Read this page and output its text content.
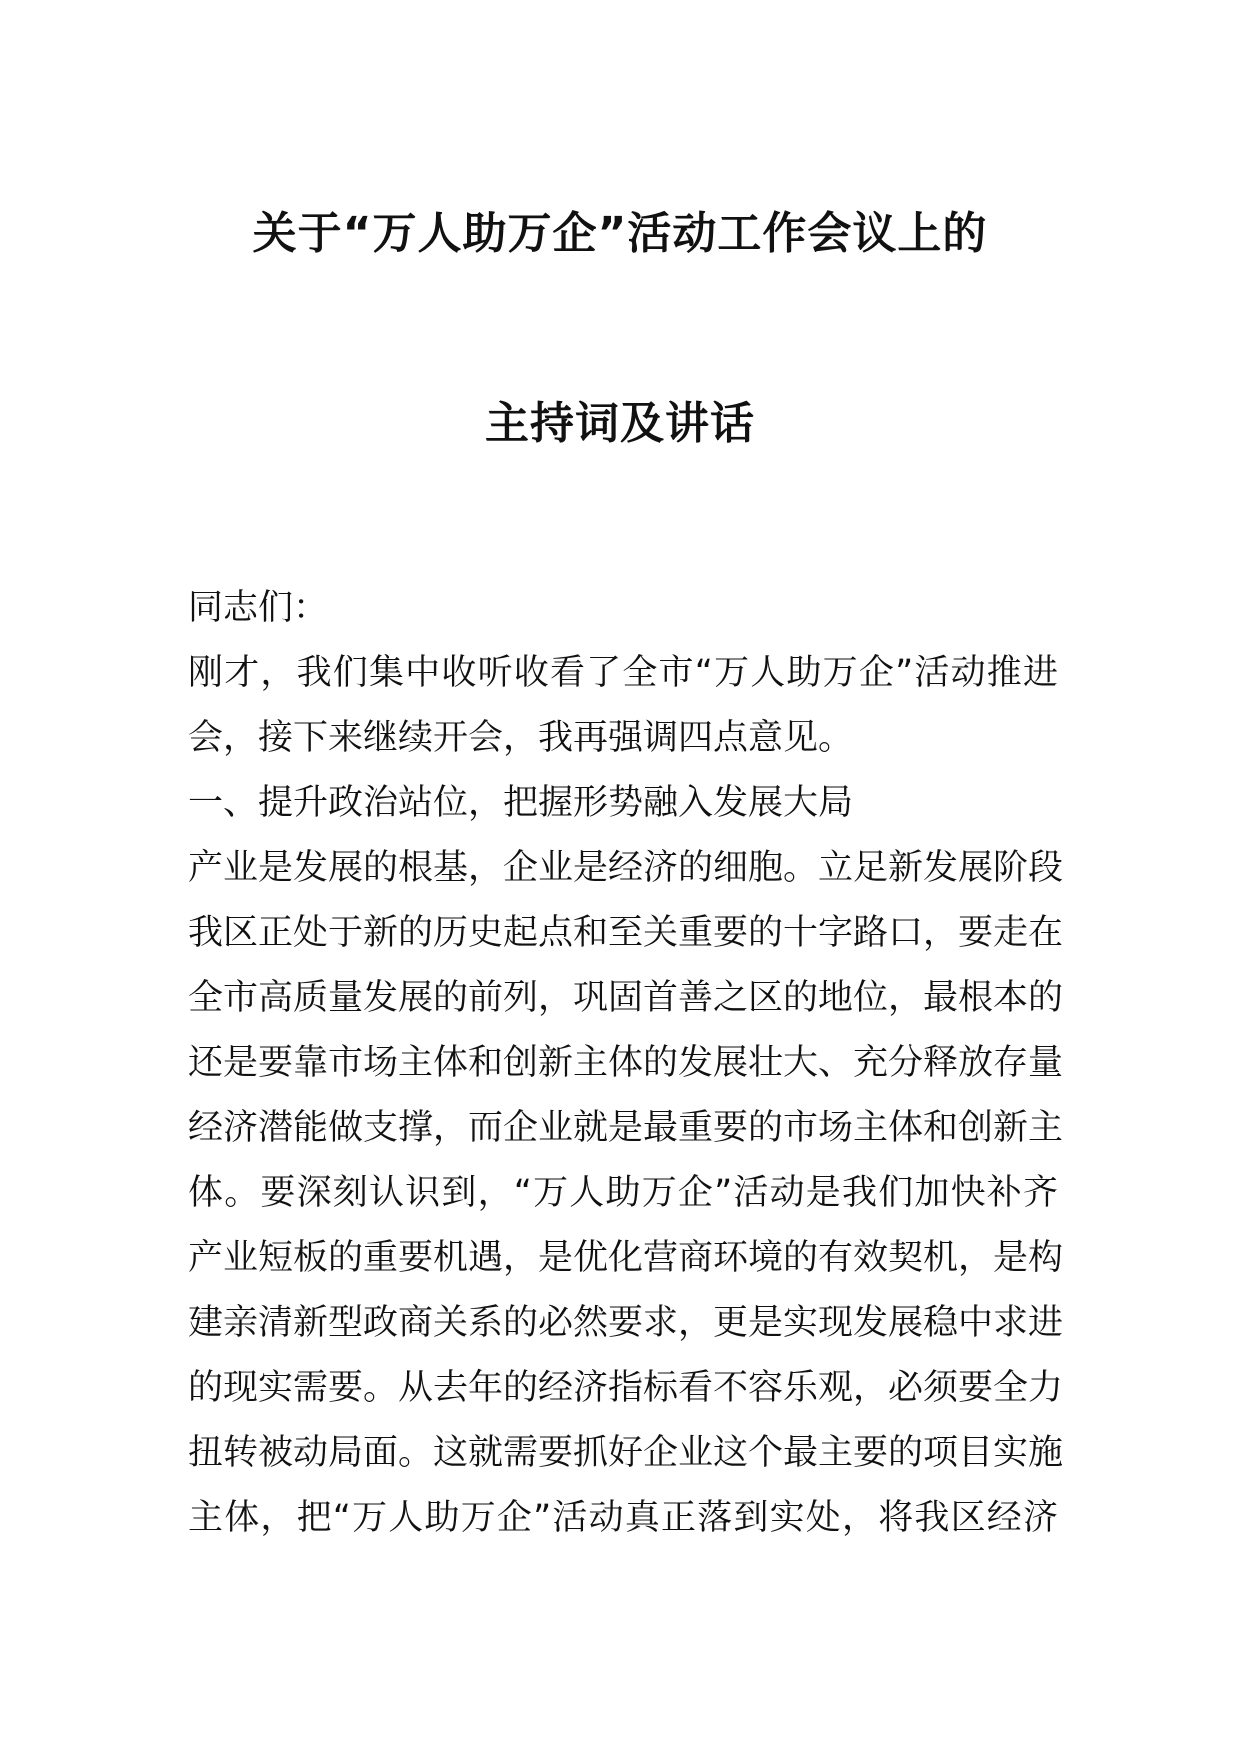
关于“万人助万企”活动工作会议上的
主持词及讲话
同志们：
刚才，我们集中收听收看了全市“万人助万企”活动推进
会，接下来继续开会，我再强调四点意见。
一、提升政治站位，把握形势融入发展大局
产业是发展的根基，企业是经济的细胞。立足新发展阶段
我区正处于新的历史起点和至关重要的十字路口，要走在
全市高质量发展的前列，巩固首善之区的地位，最根本的
还是要靠市场主体和创新主体的发展壮大、充分释放存量
经济潜能做支撑，而企业就是最重要的市场主体和创新主
体。要深刻认识到，“万人助万企”活动是我们加快补齐
产业短板的重要机遇，是优化营商环境的有效契机，是构
建亲清新型政商关系的必然要求，更是实现发展稳中求进
的现实需要。从去年的经济指标看不容乐观，必须要全力
扭转被动局面。这就需要抓好企业这个最主要的项目实施
主体，把“万人助万企”活动真正落到实处，将我区经济
